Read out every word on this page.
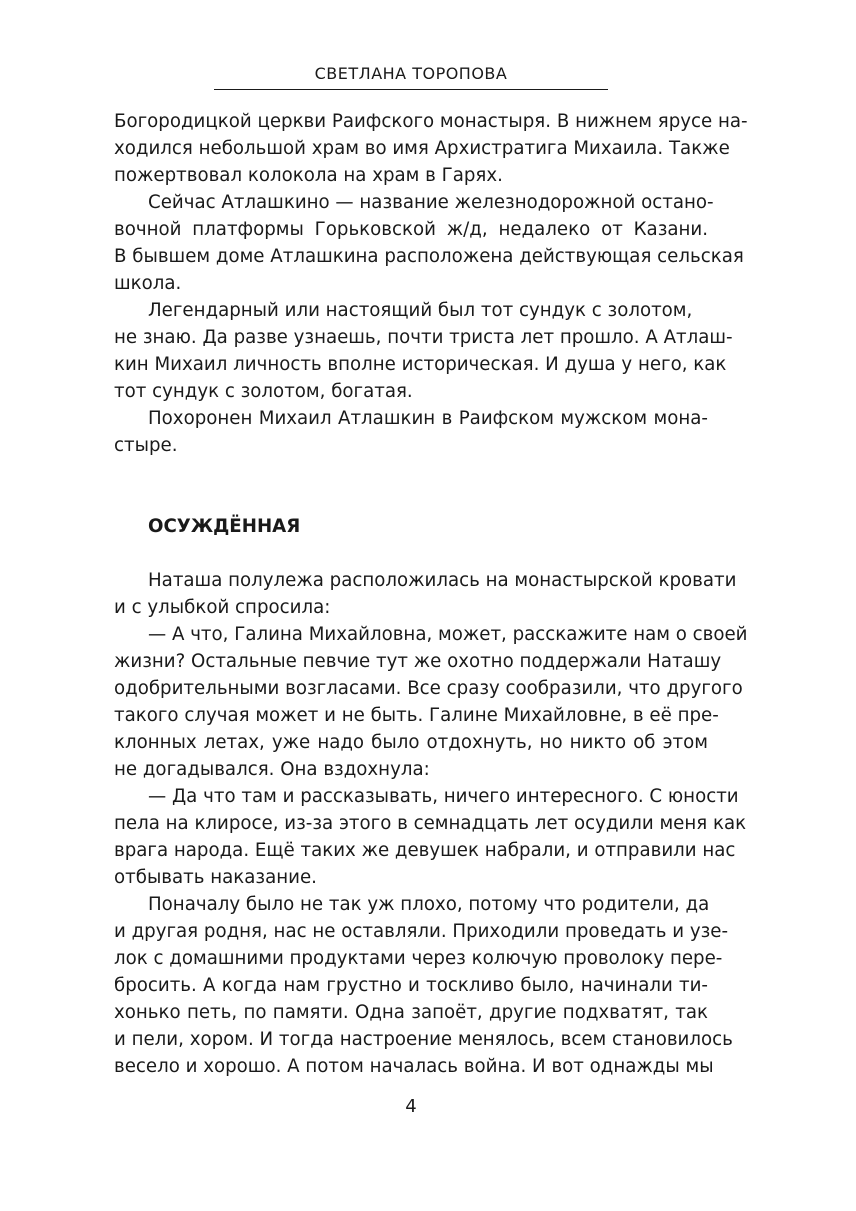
СВЕТЛАНА ТОРОПОВА
Богородицкой церкви Раифского монастыря. В нижнем ярусе на-
ходился небольшой храм во имя Архистратига Михаила. Также
пожертвовал колокола на храм в Гарях.
Сейчас Атлашкино — название железнодорожной остано-
вочной платформы Горьковской ж/д, недалеко от Казани.
В бывшем доме Атлашкина расположена действующая сельская
школа.
Легендарный или настоящий был тот сундук с золотом,
не знаю. Да разве узнаешь, почти триста лет прошло. А Атлаш-
кин Михаил личность вполне историческая. И душа у него, как
тот сундук с золотом, богатая.
Похоронен Михаил Атлашкин в Раифском мужском мона-
стыре.
ОСУЖДЁННАЯ
Наташа полулежа расположилась на монастырской кровати
и с улыбкой спросила:
— А что, Галина Михайловна, может, расскажите нам о своей
жизни? Остальные певчие тут же охотно поддержали Наташу
одобрительными возгласами. Все сразу сообразили, что другого
такого случая может и не быть. Галине Михайловне, в её пре-
клонных летах, уже надо было отдохнуть, но никто об этом
не догадывался. Она вздохнула:
— Да что там и рассказывать, ничего интересного. С юности
пела на клиросе, из-за этого в семнадцать лет осудили меня как
врага народа. Ещё таких же девушек набрали, и отправили нас
отбывать наказание.
Поначалу было не так уж плохо, потому что родители, да
и другая родня, нас не оставляли. Приходили проведать и узе-
лок с домашними продуктами через колючую проволоку пере-
бросить. А когда нам грустно и тоскливо было, начинали ти-
хонько петь, по памяти. Одна запоёт, другие подхватят, так
и пели, хором. И тогда настроение менялось, всем становилось
весело и хорошо. А потом началась война. И вот однажды мы
4
